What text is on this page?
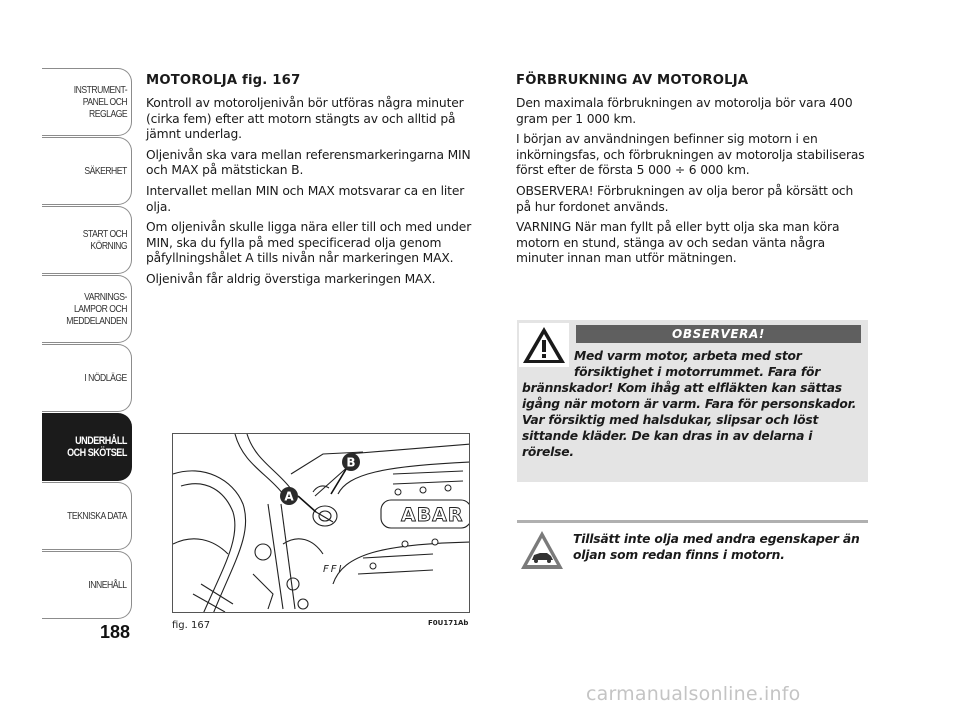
INSTRUMENT-
PANEL OCH
REGLAGE
SÄKERHET
START OCH
KÖRNING
VARNINGS-
LAMPOR OCH
MEDDELANDEN
I NÖDLÄGE
UNDERHÅLL
OCH SKÖTSEL
TEKNISKA DATA
INNEHÅLL
188
MOTOROLJA fig. 167

Kontroll av motoroljenivån bör utföras några minuter (cirka fem) efter att motorn stängts av och alltid på jämnt underlag.

Oljenivån ska vara mellan referensmarkeringarna MIN och MAX på mätstickan B.

Intervallet mellan MIN och MAX motsvarar ca en liter olja.

Om oljenivån skulle ligga nära eller till och med under MIN, ska du fylla på med specificerad olja genom påfyllningshålet A tills nivån når markeringen MAX.

Oljenivån får aldrig överstiga markeringen MAX.

FÖRBRUKNING AV MOTOROLJA

Den maximala förbrukningen av motorolja bör vara 400 gram per 1 000 km.

I början av användningen befinner sig motorn i en inkörningsfas, och förbrukningen av motorolja stabiliseras först efter de första 5 000 ÷ 6 000 km.

OBSERVERA! Förbrukningen av olja beror på körsätt och på hur fordonet används.

VARNING När man fyllt på eller bytt olja ska man köra motorn en stund, stänga av och sedan vänta några minuter innan man utför mätningen.

OBSERVERA!

Med varm motor, arbeta med stor försiktighet i motorrummet. Fara för brännskador! Kom ihåg att elfläkten kan sättas igång när motorn är varm. Fara för personskador. Var försiktig med halsdukar, slipsar och löst sittande kläder. De kan dras in av delarna i rörelse.

Tillsätt inte olja med andra egenskaper än oljan som redan finns i motorn.

A
B
ABAR
FFI
fig. 167	F0U171Ab
carmanualsonline.info
